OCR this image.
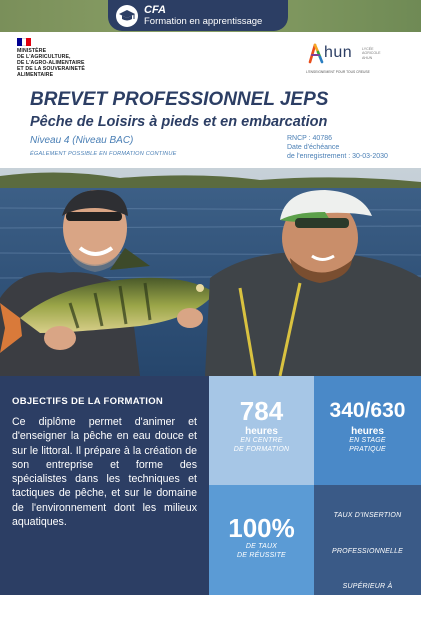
CFA
Formation en apprentissage
MINISTÈRE
DE L'AGRICULTURE,
DE L'AGRO-ALIMENTAIRE
ET DE LA SOUVERAINETÉ
ALIMENTAIRE
hun	LYCÉE AGRICOLE AHUN
L'ENSEIGNEMENT POUR TOUS CREUSE
BREVET PROFESSIONNEL JEPS
Pêche de Loisirs à pieds et en embarcation
Niveau 4 (Niveau BAC)
ÉGALEMENT POSSIBLE EN FORMATION CONTINUE
RNCP : 40786
Date d'échéance
de l'enregistrement : 30-03-2030
OBJECTIFS DE LA FORMATION
Ce diplôme permet d'animer et d'enseigner la pêche en eau douce et sur le littoral. Il prépare à la création de son entreprise et forme des spécialistes dans les techniques et tactiques de pêche, et sur le domaine de l'environnement dont les milieux aquatiques.
784
heures
EN CENTRE
DE FORMATION
340/630
heures
EN STAGE
PRATIQUE
100%
DE TAUX
DE RÉUSSITE
TAUX D'INSERTION
PROFESSIONNELLE
SUPÉRIEUR À
66%
